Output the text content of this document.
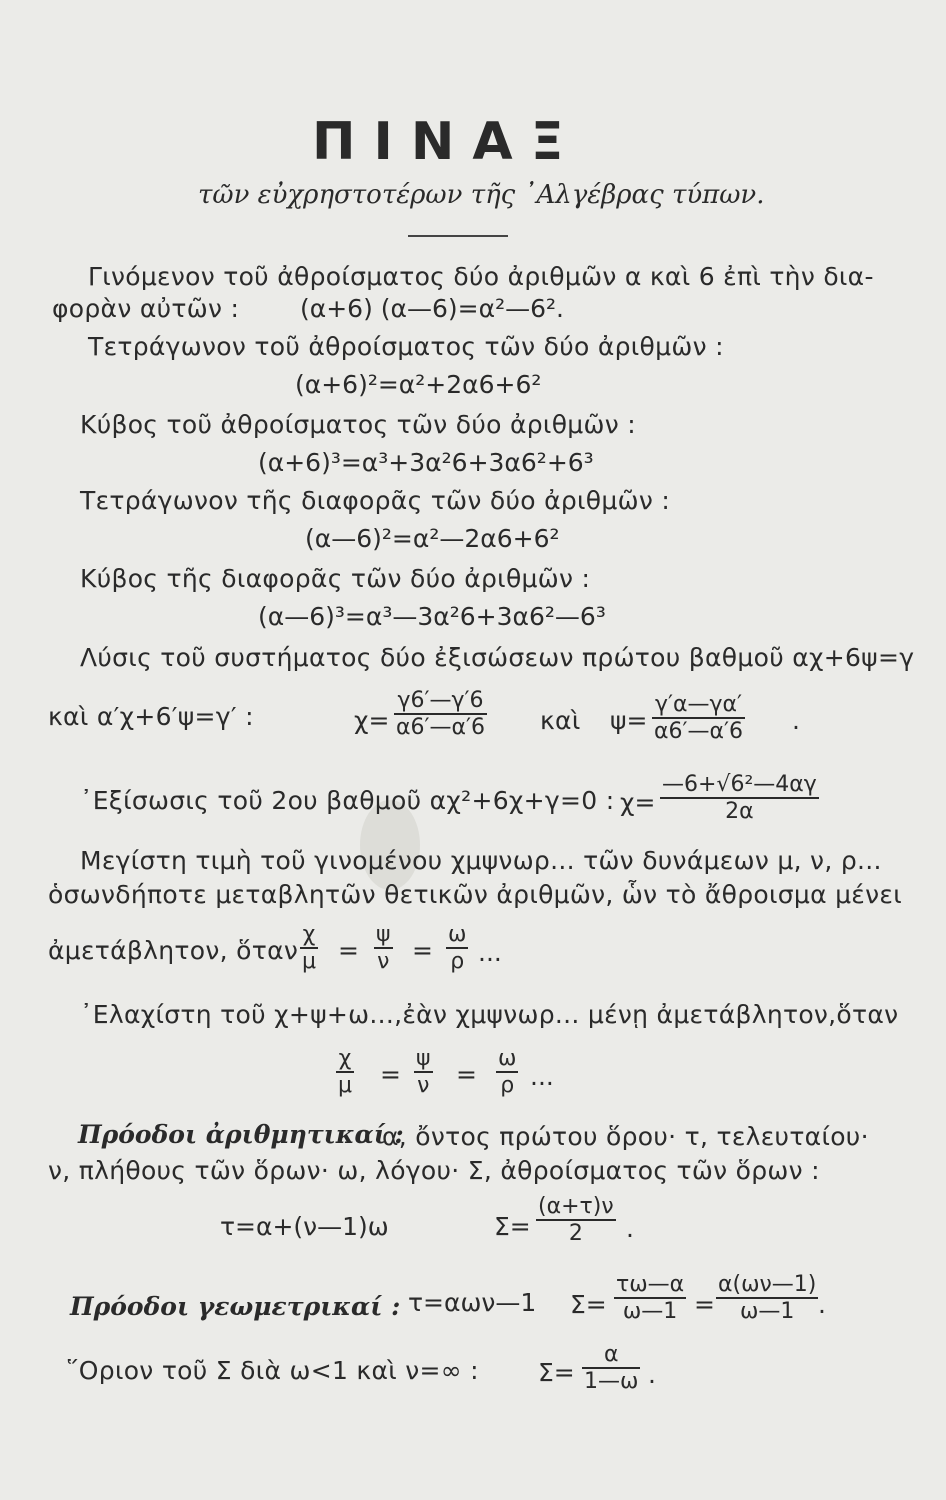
ΠΙΝΑΞ
τῶν εὐχρηστοτέρων τῆς ᾿Αλγέβρας τύπων.
Γινόμενον τοῦ ἀθροίσματος δύο ἀριθμῶν α καὶ 6 ἐπὶ τὴν δια-
φορὰν αὐτῶν : (α+6) (α—6)=α²—6².
Τετράγωνον τοῦ ἀθροίσματος τῶν δύο ἀριθμῶν :
(α+6)²=α²+2α6+6²
Κύβος τοῦ ἀθροίσματος τῶν δύο ἀριθμῶν :
(α+6)³=α³+3α²6+3α6²+6³
Τετράγωνον τῆς διαφορᾶς τῶν δύο ἀριθμῶν :
(α—6)²=α²—2α6+6²
Κύβος τῆς διαφορᾶς τῶν δύο ἀριθμῶν :
(α—6)³=α³—3α²6+3α6²—6³
Λύσις τοῦ συστήματος δύο ἐξισώσεων πρώτου βαθμοῦ αχ+6ψ=γ
καὶ α′χ+6′ψ=γ′ :	$\chi= \frac{\gamma 6'—\gamma'6}{\alpha 6'—\alpha'6}$ καὶ $\psi= \frac{\gamma'\alpha—\gamma\alpha'}{\alpha 6'—\alpha'6}$ .
᾿Εξίσωσις τοῦ 2ου βαθμοῦ αχ²+6χ+γ=0 : $\chi= \frac{\text{—6+√6²—4αγ}}{2\alpha}$
Μεγίστη τιμὴ τοῦ γινομένου χμψνωρ... τῶν δυνάμεων μ, ν, ρ...
ὁσωνδήποτε μεταβλητῶν θετικῶν ἀριθμῶν, ὧν τὸ ἄθροισμα μένει
ἀμετάβλητον, ὅταν $\frac{\chi}{\mu} = \frac{\psi}{\nu} = \frac{\omega}{\rho}$ ...
᾿Ελαχίστη τοῦ χ+ψ+ω...,ἐὰν χμψνωρ... μένῃ ἀμετάβλητον,ὅταν
$\frac{\chi}{\mu} = \frac{\psi}{\nu} = \frac{\omega}{\rho}$ ...
Πρόοδοι ἀριθμητικαί :
α, ὄντος πρώτου ὅρου· τ, τελευταίου·
ν, πλήθους τῶν ὅρων· ω, λόγου· Σ, ἀθροίσματος τῶν ὅρων :
τ=α+(ν—1)ω	$\Sigma= \frac{(\alpha+\tau)\nu}{2}$ .
Πρόοδοι γεωμετρικαί : τ=αων—1 $\Sigma= \frac{\tau\omega—\alpha}{\omega—1} = \frac{\alpha(\omega\nu—1)}{\omega—1}$ .
῞Οριον τοῦ Σ διὰ ω<1 καὶ ν=∞ : $\Sigma= \frac{\alpha}{1—\omega}$ .
